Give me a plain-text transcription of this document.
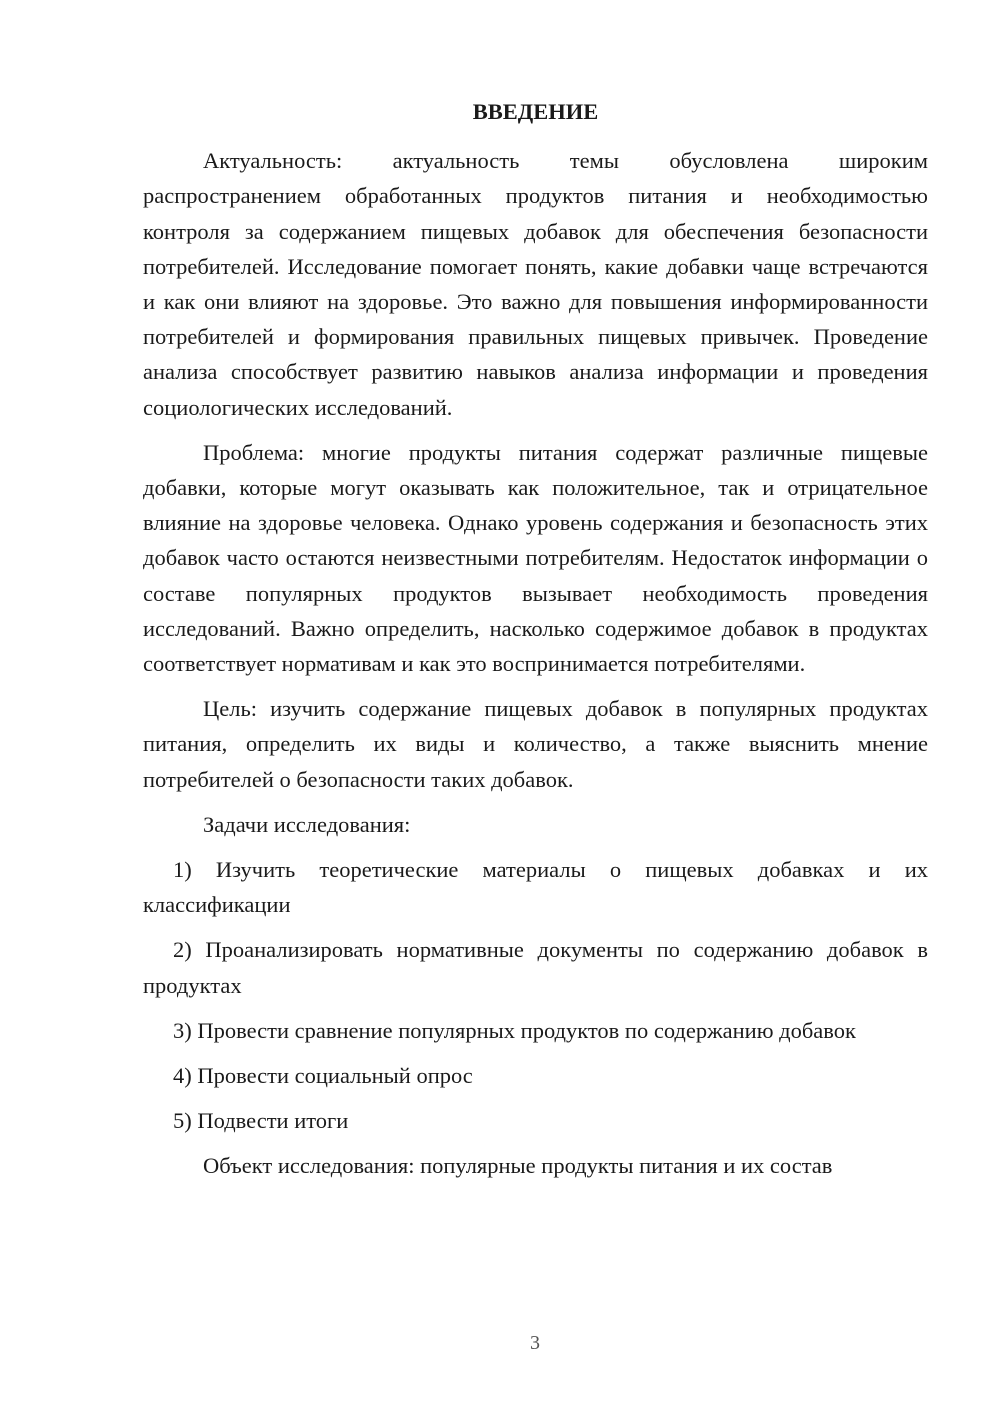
ВВЕДЕНИЕ
Актуальность: актуальность темы обусловлена широким распространением обработанных продуктов питания и необходимостью контроля за содержанием пищевых добавок для обеспечения безопасности потребителей. Исследование помогает понять, какие добавки чаще встречаются и как они влияют на здоровье. Это важно для повышения информированности потребителей и формирования правильных пищевых привычек. Проведение анализа способствует развитию навыков анализа информации и проведения социологических исследований.
Проблема: многие продукты питания содержат различные пищевые добавки, которые могут оказывать как положительное, так и отрицательное влияние на здоровье человека. Однако уровень содержания и безопасность этих добавок часто остаются неизвестными потребителям. Недостаток информации о составе популярных продуктов вызывает необходимость проведения исследований. Важно определить, насколько содержимое добавок в продуктах соответствует нормативам и как это воспринимается потребителями.
Цель: изучить содержание пищевых добавок в популярных продуктах питания, определить их виды и количество, а также выяснить мнение потребителей о безопасности таких добавок.
Задачи исследования:
1) Изучить теоретические материалы о пищевых добавках и их классификации
2) Проанализировать нормативные документы по содержанию добавок в продуктах
3) Провести сравнение популярных продуктов по содержанию добавок
4) Провести социальный опрос
5) Подвести итоги
Объект исследования: популярные продукты питания и их состав
3
